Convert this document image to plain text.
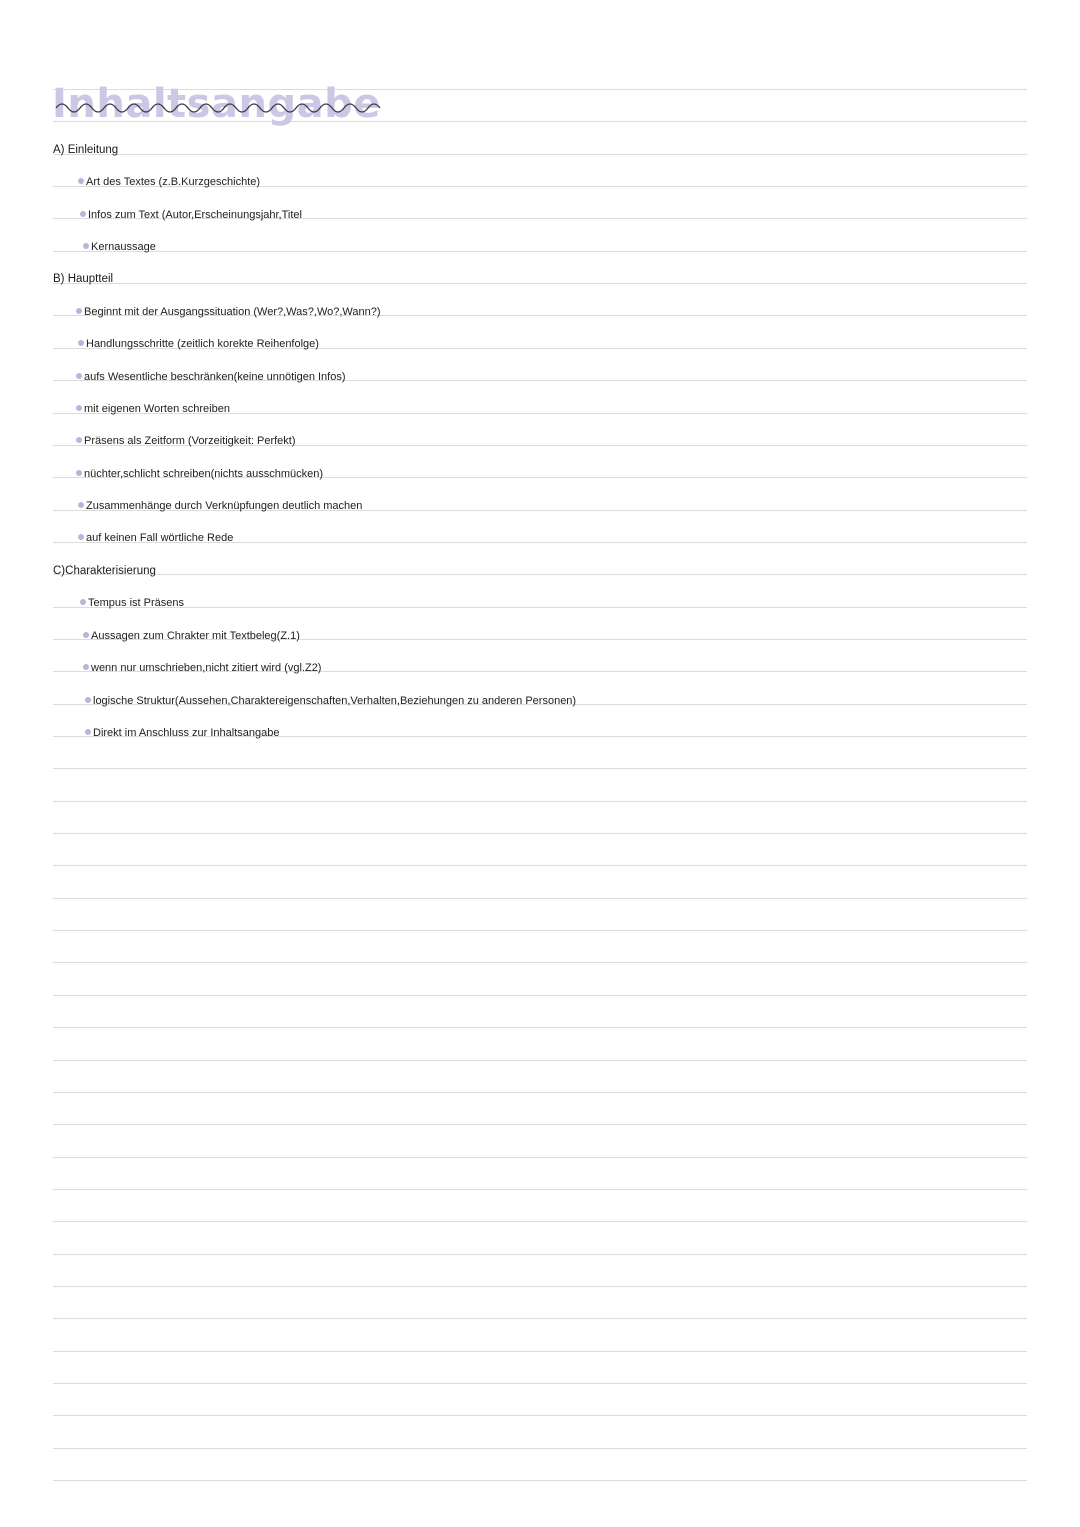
Inhaltsangabe
A) Einleitung
Art des Textes (z.B.Kurzgeschichte)
Infos zum Text (Autor,Erscheinungsjahr,Titel
Kernaussage
B) Hauptteil
Beginnt mit der Ausgangssituation (Wer?,Was?,Wo?,Wann?)
Handlungsschritte (zeitlich korekte Reihenfolge)
aufs Wesentliche beschränken(keine unnötigen Infos)
mit eigenen Worten schreiben
Präsens als Zeitform (Vorzeitigkeit: Perfekt)
nüchter,schlicht schreiben(nichts ausschmücken)
Zusammenhänge durch Verknüpfungen deutlich machen
auf keinen Fall wörtliche Rede
C)Charakterisierung
Tempus ist Präsens
Aussagen zum Chrakter mit Textbeleg(Z.1)
wenn nur umschrieben,nicht zitiert wird (vgl.Z2)
logische Struktur(Aussehen,Charaktereigenschaften,Verhalten,Beziehungen zu anderen Personen)
Direkt im Anschluss zur Inhaltsangabe
